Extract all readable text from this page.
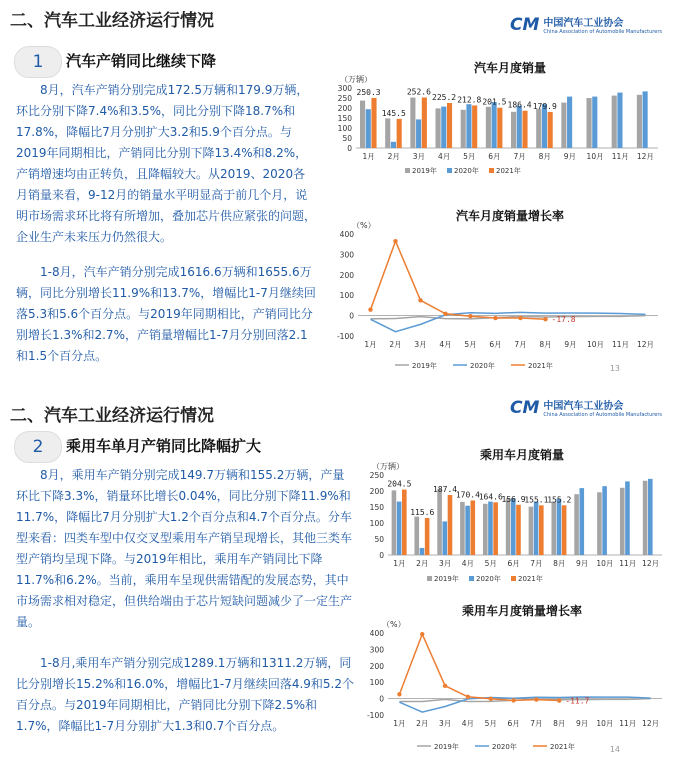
二、汽车工业经济运行情况	CM 中国汽车工业协会
China Association of Automobile Manufacturers
1	汽车产销同比继续下降

8月，汽车产销分别完成172.5万辆和179.9万辆，环比分别下降7.4%和3.5%，同比分别下降18.7%和17.8%，降幅比7月分别扩大3.2和5.9个百分点。与2019年同期相比，产销同比分别下降13.4%和8.2%，产销增速均由正转负，且降幅较大。从2019、2020各月销量来看，9-12月的销量水平明显高于前几个月，说明市场需求环比将有所增加，叠加芯片供应紧张的问题，企业生产未来压力仍然很大。

1-8月，汽车产销分别完成1616.6万辆和1655.6万辆，同比分别增长11.9%和13.7%，增幅比1-7月继续回落5.3和5.6个百分点。与2019年同期相比，产销同比分别增长1.3%和2.7%，产销量增幅比1-7月分别回落2.1和1.5个百分点。

汽车月度销量
（万辆）
0
50
100
150
200
250
300
1月 2月 3月 4月 5月 6月 7月 8月 9月 10月 11月 12月
250.3
145.5
252.6
225.2 212.8 201.5 186.4 179.9
2019年 2020年 2021年
汽车月度销量增长率
（%）
-100
0
100
200
300
400
1月 2月 3月 4月 5月 6月 7月 8月 9月 10月 11月 12月
-17.8
2019年	2020年	2021年	13
二、汽车工业经济运行情况	CM 中国汽车工业协会
China Association of Automobile Manufacturers
2	乘用车单月产销同比降幅扩大

8月，乘用车产销分别完成149.7万辆和155.2万辆，产量环比下降3.3%，销量环比增长0.04%，同比分别下降11.9%和11.7%，降幅比7月分别扩大1.2个百分点和4.7个百分点。分车型来看：四类车型中仅交叉型乘用车产销呈现增长，其他三类车型产销均呈现下降。与2019年相比，乘用车产销同比下降11.7%和6.2%。当前，乘用车呈现供需错配的发展态势，其中市场需求相对稳定，但供给端由于芯片短缺问题减少了一定生产量。

1-8月,乘用车产销分别完成1289.1万辆和1311.2万辆，同比分别增长15.2%和16.0%，增幅比1-7月继续回落4.9和5.2个百分点。与2019年同期相比，产销同比分别下降2.5%和1.7%，降幅比1-7月分别扩大1.3和0.7个百分点。

乘用车月度销量
（万辆）
0
50
100
150
200
250
1月 2月 3月 4月 5月 6月 7月 8月 9月 10月 11月 12月
204.5
115.6
187.4
170.4
164.6
156.9
155.1
155.2
2019年 2020年 2021年
乘用车月度销量增长率
（%）
-100
0
100
200
300
400
1月 2月 3月 4月 5月 6月 7月 8月 9月 10月 11月 12月
-11.7
2019年	2020年	2021年	14
